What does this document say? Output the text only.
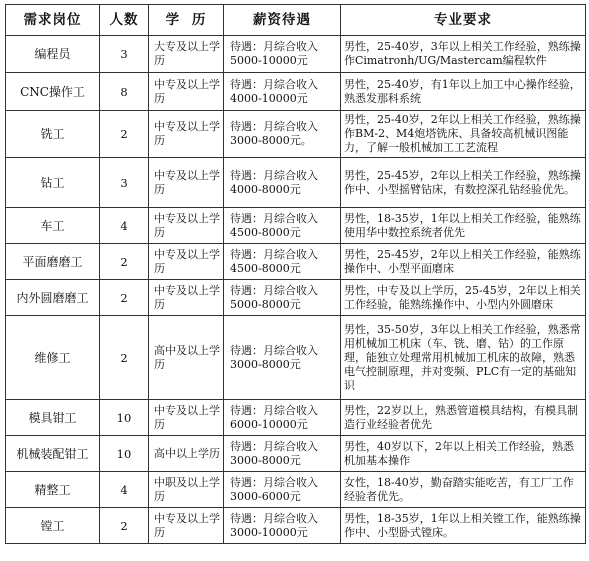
需求岗位	人数	学 历	薪资待遇	专业要求
编程员	3	大专及以上学历	待遇：月综合收入5000-10000元	男性，25-40岁，3年以上相关工作经验，熟练操作Cimatronh/UG/Mastercam编程软件
CNC操作工	8	中专及以上学历	待遇：月综合收入4000-10000元	男性，25-40岁，有1年以上加工中心操作经验，熟悉发那科系统
铣工	2	中专及以上学历	待遇：月综合收入3000-8000元。	男性，25-40岁，2年以上相关工作经验，熟练操作BM-2、M4炮塔铣床、具备较高机械识图能力，了解一般机械加工工艺流程
钻工	3	中专及以上学历	待遇：月综合收入4000-8000元	男性，25-45岁，2年以上相关工作经验，熟练操作中、小型摇臂钻床，有数控深孔钻经验优先。
车工	4	中专及以上学历	待遇：月综合收入4500-8000元	男性，18-35岁，1年以上相关工作经验，能熟练使用华中数控系统者优先
平面磨磨工	2	中专及以上学历	待遇：月综合收入4500-8000元	男性，25-45岁，2年以上相关工作经验，能熟练操作中、小型平面磨床
内外圆磨磨工	2	中专及以上学历	待遇：月综合收入5000-8000元	男性，中专及以上学历，25-45岁，2年以上相关工作经验，能熟练操作中、小型内外圆磨床
维修工	2	高中及以上学历	待遇：月综合收入3000-8000元	男性，35-50岁，3年以上相关工作经验，熟悉常用机械加工机床（车、铣、磨、钻）的工作原理，能独立处理常用机械加工机床的故障，熟悉电气控制原理，并对变频、PLC有一定的基础知识
模具钳工	10	中专及以上学历	待遇：月综合收入6000-10000元	男性，22岁以上，熟悉管道模具结构，有模具制造行业经验者优先
机械装配钳工	10	高中以上学历	待遇：月综合收入3000-8000元	男性，40岁以下，2年以上相关工作经验，熟悉机加基本操作
精整工	4	中职及以上学历	待遇：月综合收入3000-6000元	女性，18-40岁，勤奋踏实能吃苦，有工厂工作经验者优先。
镗工	2	中专及以上学历	待遇：月综合收入3000-10000元	男性，18-35岁，1年以上相关镗工作，能熟练操作中、小型卧式镗床。
